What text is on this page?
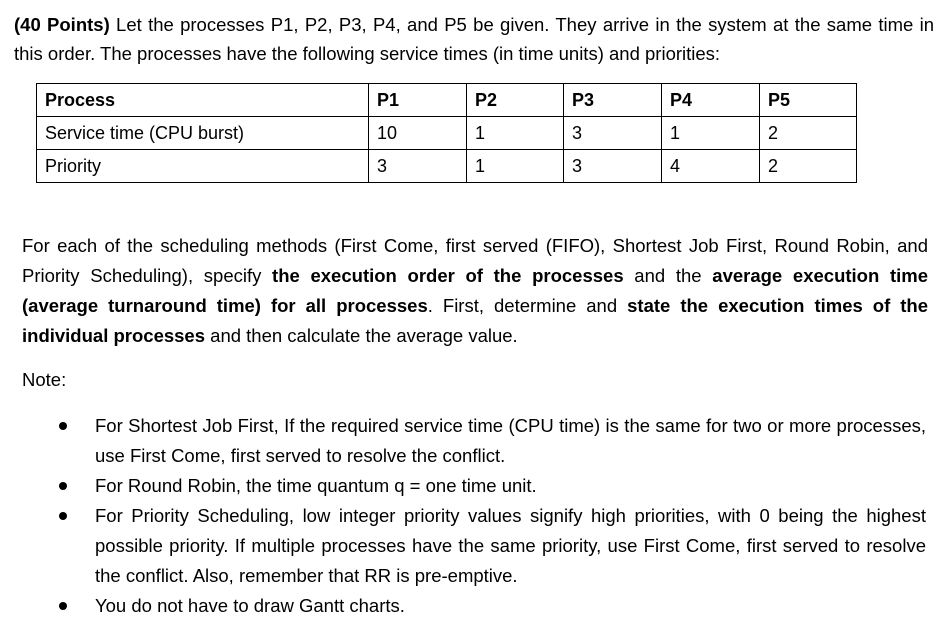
(40 Points) Let the processes P1, P2, P3, P4, and P5 be given. They arrive in the system at the same time in this order. The processes have the following service times (in time units) and priorities:

Process	P1	P2	P3	P4	P5
Service time (CPU burst)	10	1	3	1	2
Priority	3	1	3	4	2

For each of the scheduling methods (First Come, first served (FIFO), Shortest Job First, Round Robin, and Priority Scheduling), specify the execution order of the processes and the average execution time (average turnaround time) for all processes. First, determine and state the execution times of the individual processes and then calculate the average value.

Note:

For Shortest Job First, If the required service time (CPU time) is the same for two or more processes, use First Come, first served to resolve the conflict.
For Round Robin, the time quantum q = one time unit.
For Priority Scheduling, low integer priority values signify high priorities, with 0 being the highest possible priority. If multiple processes have the same priority, use First Come, first served to resolve the conflict. Also, remember that RR is pre-emptive.
You do not have to draw Gantt charts.
